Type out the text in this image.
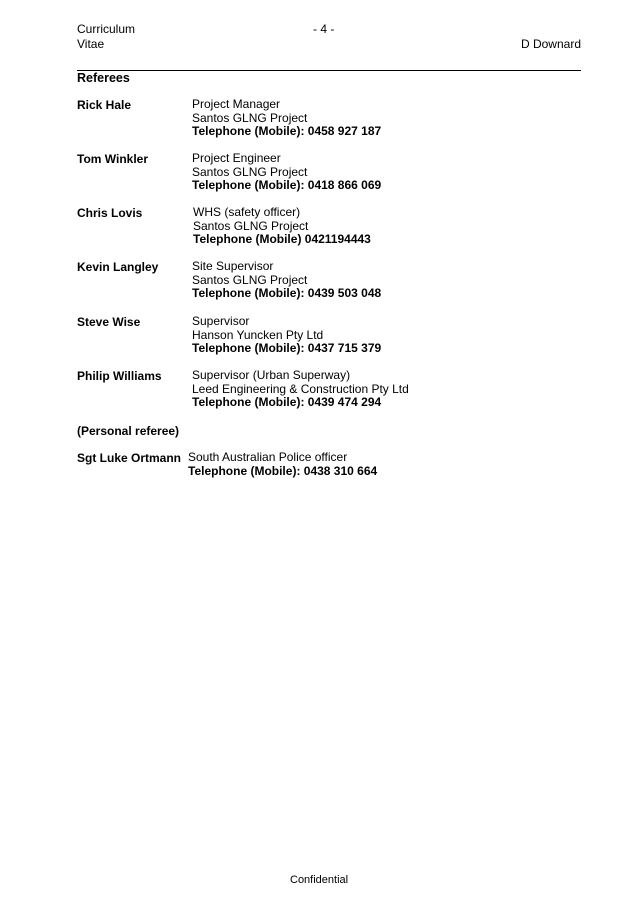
Curriculum
Vitae
- 4 -
D Downard
Referees
Rick Hale	Project Manager
Santos GLNG Project
Telephone (Mobile): 0458 927 187
Tom Winkler	Project Engineer
Santos GLNG Project
Telephone (Mobile): 0418 866 069
Chris Lovis	WHS (safety officer)
Santos GLNG Project
Telephone (Mobile) 0421194443
Kevin Langley	Site Supervisor
Santos GLNG Project
Telephone (Mobile): 0439 503 048
Steve Wise	Supervisor
Hanson Yuncken Pty Ltd
Telephone (Mobile): 0437 715 379
Philip Williams	Supervisor (Urban Superway)
Leed Engineering & Construction Pty Ltd
Telephone (Mobile): 0439 474 294
(Personal referee)
Sgt Luke Ortmann South Australian Police officer
Telephone (Mobile): 0438 310 664
Confidential
